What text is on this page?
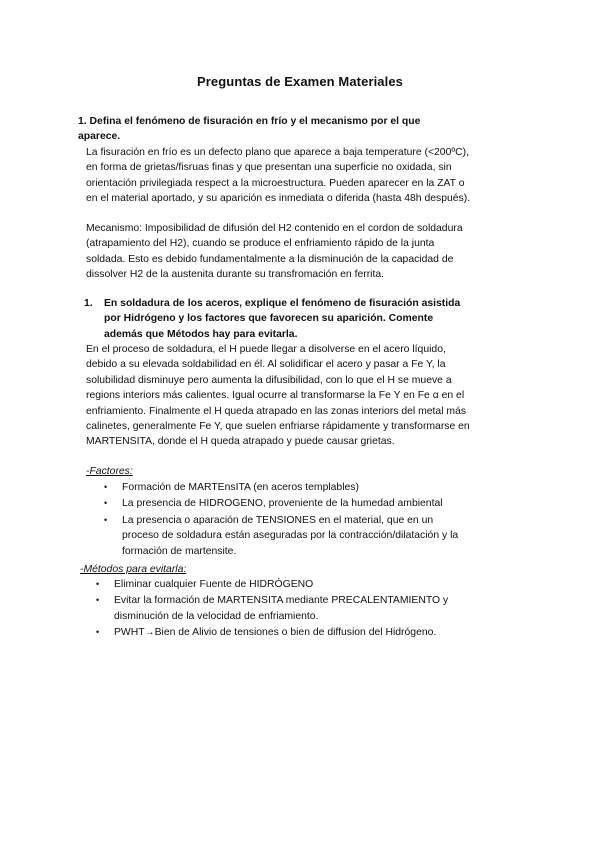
Preguntas de Examen Materiales
1. Defina el fenómeno de fisuración en frío y el mecanismo por el que aparece.
La fisuración en frío es un defecto plano que aparece a baja temperature (<200ºC), en forma de grietas/fisruas finas y que presentan una superficie no oxidada, sin orientación privilegiada respect a la microestructura. Pueden aparecer en la ZAT o en el material aportado, y su aparición es inmediata o diferida (hasta 48h después).
Mecanismo: Imposibilidad de difusión del H2 contenido en el cordon de soldadura (atrapamiento del H2), cuando se produce el enfriamiento rápido de la junta soldada. Esto es debido fundamentalmente a la disminución de la capacidad de dissolver H2 de la austenita durante su transfromación en ferrita.
1. En soldadura de los aceros, explique el fenómeno de fisuración asistida por Hidrógeno y los factores que favorecen su aparición. Comente además que Métodos hay para evitarla.
En el proceso de soldadura, el H puede llegar a disolverse en el acero líquido, debido a su elevada soldabilidad en él. Al solidificar el acero y pasar a Fe Y, la solubilidad disminuye pero aumenta la difusibilidad, con lo que el H se mueve a regions interiors más calientes. Igual ocurre al transformarse la Fe Y en Fe α en el enfriamiento. Finalmente el H queda atrapado en las zonas interiors del metal más calinetes, generalmente Fe Y, que suelen enfriarse rápidamente y transformarse en MARTENSITA, donde el H queda atrapado y puede causar grietas.
-Factores:
• Formación de MARTEnsITA (en aceros templables)
• La presencia de HIDROGENO, proveniente de la humedad ambiental
• La presencia o aparación de TENSIONES en el material, que en un proceso de soldadura están aseguradas por la contracción/dilatación y la formación de martensite.
-Métodos para evitarla:
• Eliminar cualquier Fuente de HIDRÓGENO
• Evitar la formación de MARTENSITA mediante PRECALENTAMIENTO y disminución de la velocidad de enfriamiento.
• PWHT→Bien de Alivio de tensiones o bien de diffusion del Hidrógeno.
